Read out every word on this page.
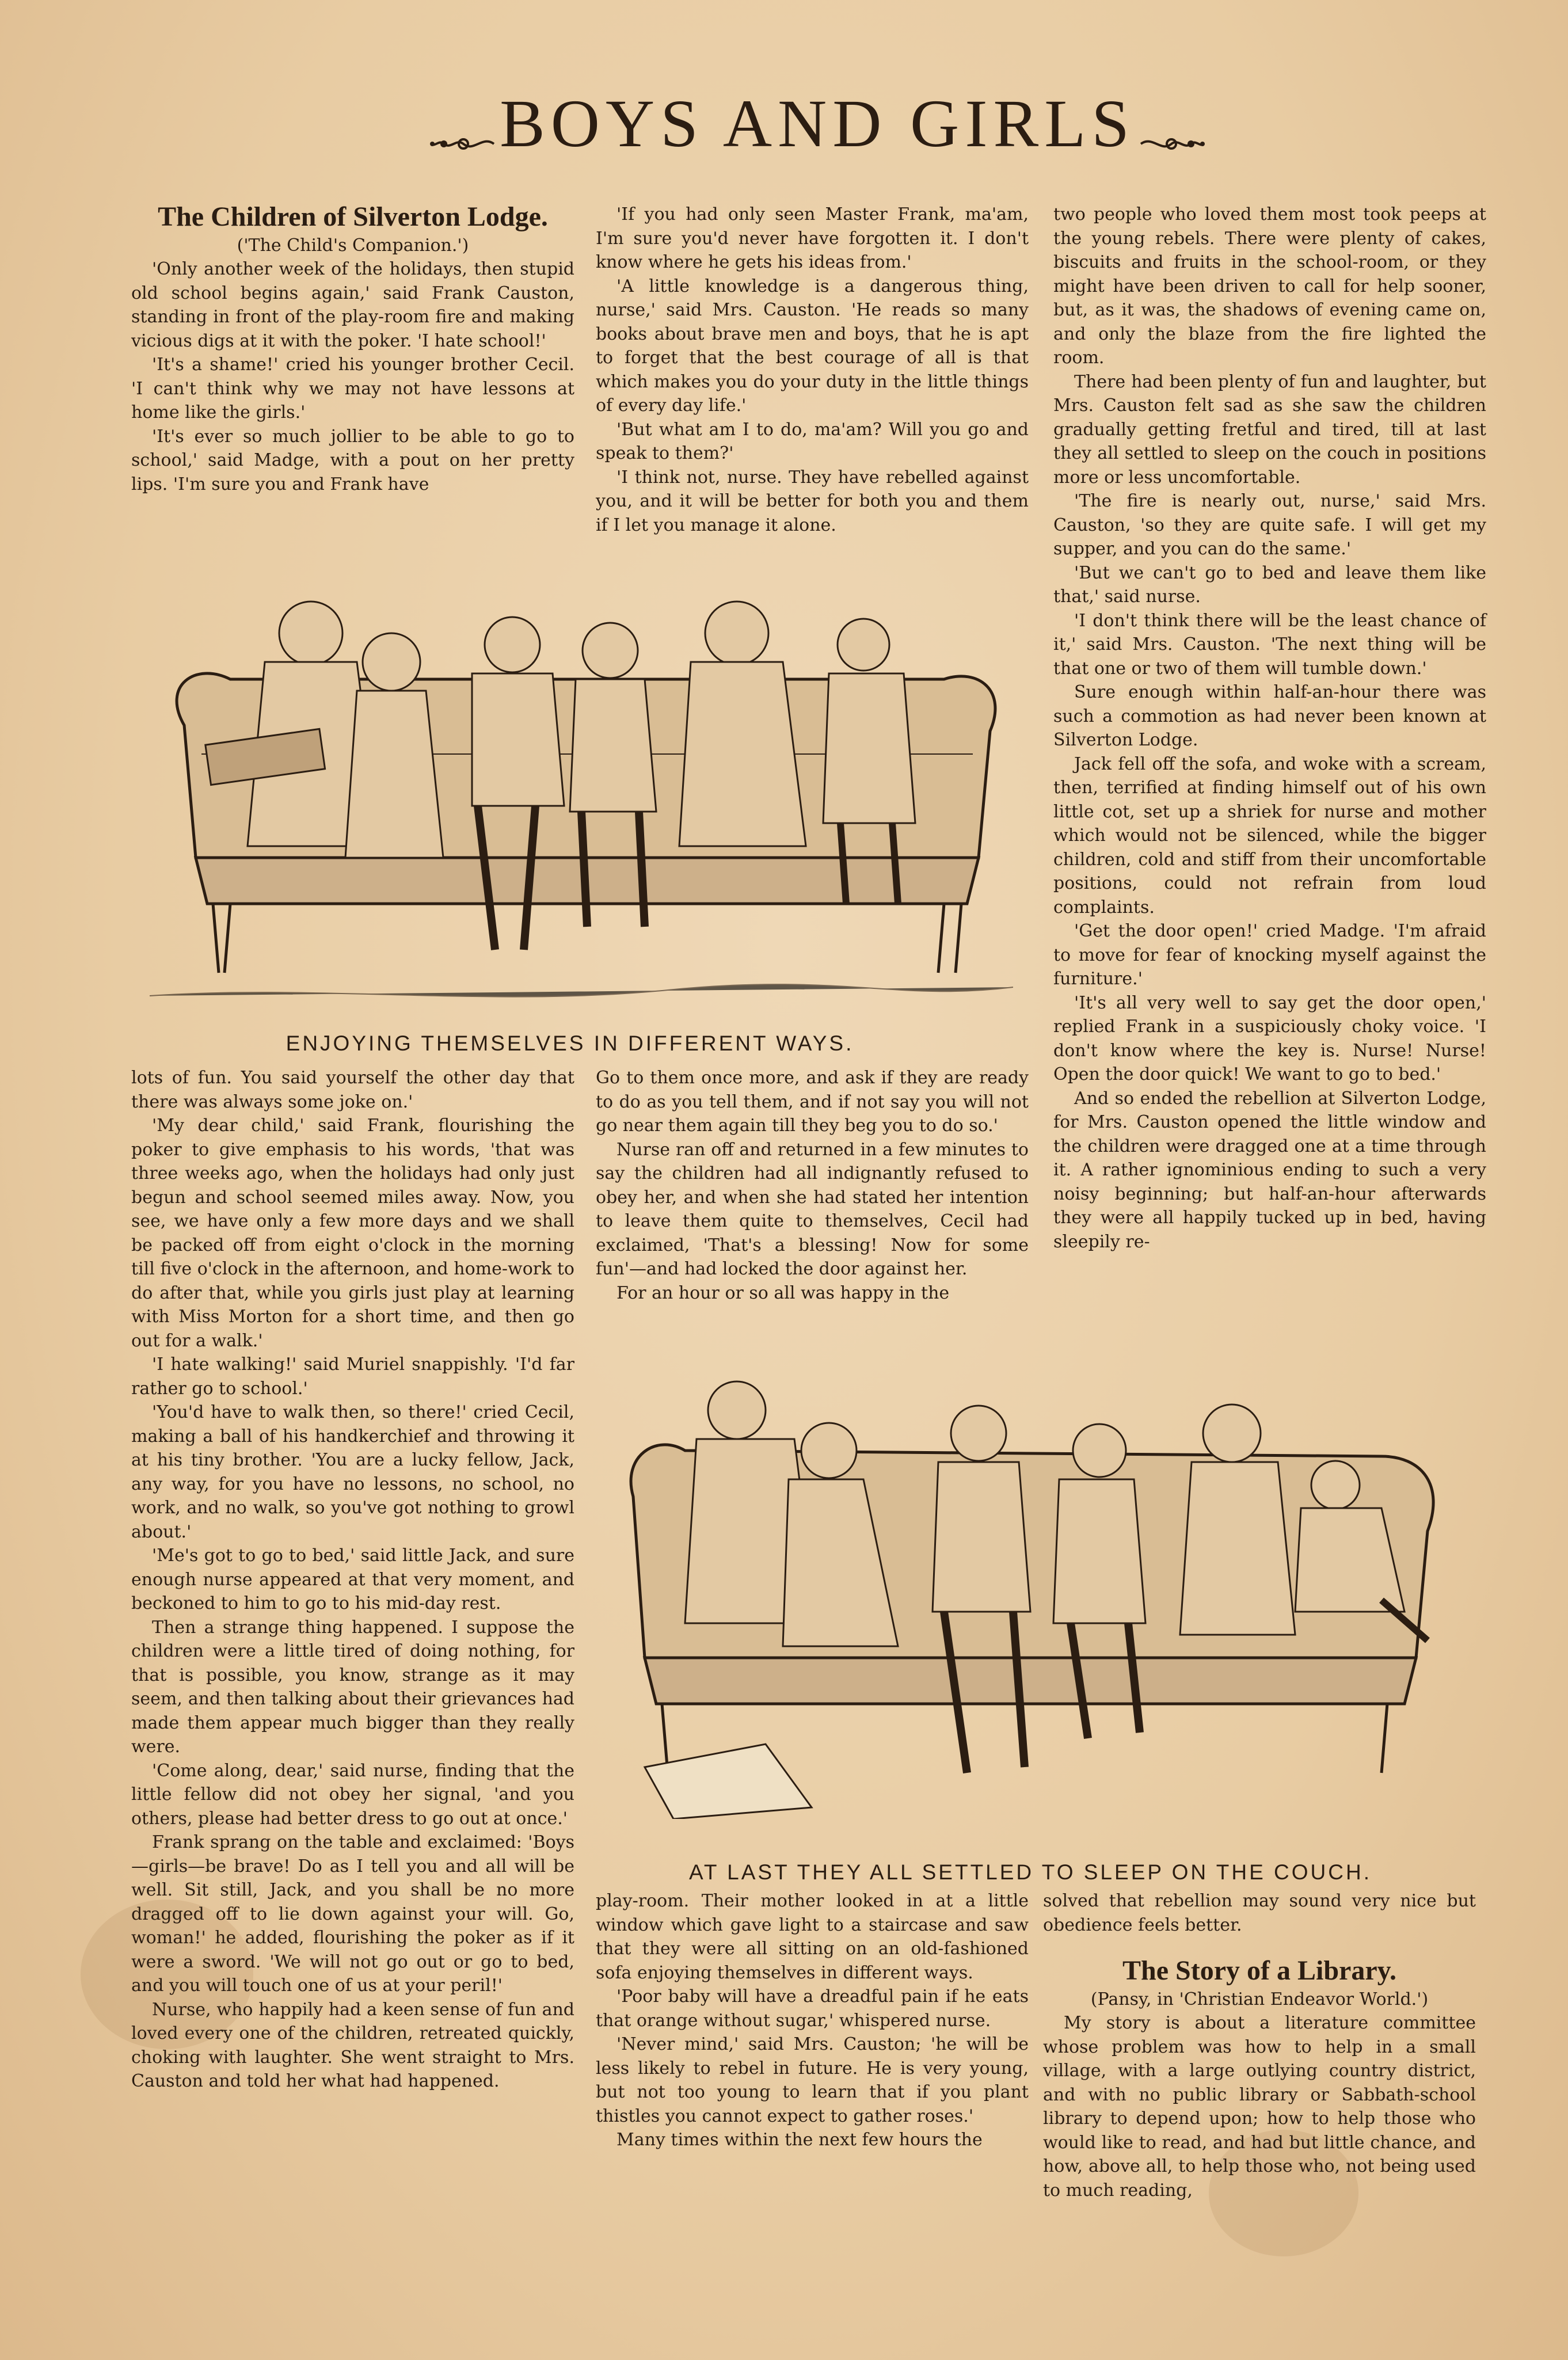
BOYS AND GIRLS
The Children of Silverton Lodge.
('The Child's Companion.')

'Only another week of the holidays, then stupid old school begins again,' said Frank Causton, standing in front of the play-room fire and making vicious digs at it with the poker. 'I hate school!'

'It's a shame!' cried his younger brother Cecil. 'I can't think why we may not have lessons at home like the girls.'

'It's ever so much jollier to be able to go to school,' said Madge, with a pout on her pretty lips. 'I'm sure you and Frank have

'If you had only seen Master Frank, ma'am, I'm sure you'd never have forgotten it. I don't know where he gets his ideas from.'

'A little knowledge is a dangerous thing, nurse,' said Mrs. Causton. 'He reads so many books about brave men and boys, that he is apt to forget that the best courage of all is that which makes you do your duty in the little things of every day life.'

'But what am I to do, ma'am? Will you go and speak to them?'

'I think not, nurse. They have rebelled against you, and it will be better for both you and them if I let you manage it alone.

two people who loved them most took peeps at the young rebels. There were plenty of cakes, biscuits and fruits in the school-room, or they might have been driven to call for help sooner, but, as it was, the shadows of evening came on, and only the blaze from the fire lighted the room.

There had been plenty of fun and laughter, but Mrs. Causton felt sad as she saw the children gradually getting fretful and tired, till at last they all settled to sleep on the couch in positions more or less uncomfortable.

'The fire is nearly out, nurse,' said Mrs. Causton, 'so they are quite safe. I will get my supper, and you can do the same.'

'But we can't go to bed and leave them like that,' said nurse.

'I don't think there will be the least chance of it,' said Mrs. Causton. 'The next thing will be that one or two of them will tumble down.'

Sure enough within half-an-hour there was such a commotion as had never been known at Silverton Lodge.

Jack fell off the sofa, and woke with a scream, then, terrified at finding himself out of his own little cot, set up a shriek for nurse and mother which would not be silenced, while the bigger children, cold and stiff from their uncomfortable positions, could not refrain from loud complaints.

'Get the door open!' cried Madge. 'I'm afraid to move for fear of knocking myself against the furniture.'

'It's all very well to say get the door open,' replied Frank in a suspiciously choky voice. 'I don't know where the key is. Nurse! Nurse! Open the door quick! We want to go to bed.'

And so ended the rebellion at Silverton Lodge, for Mrs. Causton opened the little window and the children were dragged one at a time through it. A rather ignominious ending to such a very noisy beginning; but half-an-hour afterwards they were all happily tucked up in bed, having sleepily re-

ENJOYING THEMSELVES IN DIFFERENT WAYS.

lots of fun. You said yourself the other day that there was always some joke on.'

'My dear child,' said Frank, flourishing the poker to give emphasis to his words, 'that was three weeks ago, when the holidays had only just begun and school seemed miles away. Now, you see, we have only a few more days and we shall be packed off from eight o'clock in the morning till five o'clock in the afternoon, and home-work to do after that, while you girls just play at learning with Miss Morton for a short time, and then go out for a walk.'

'I hate walking!' said Muriel snappishly. 'I'd far rather go to school.'

'You'd have to walk then, so there!' cried Cecil, making a ball of his handkerchief and throwing it at his tiny brother. 'You are a lucky fellow, Jack, any way, for you have no lessons, no school, no work, and no walk, so you've got nothing to growl about.'

'Me's got to go to bed,' said little Jack, and sure enough nurse appeared at that very moment, and beckoned to him to go to his mid-day rest.

Then a strange thing happened. I suppose the children were a little tired of doing nothing, for that is possible, you know, strange as it may seem, and then talking about their grievances had made them appear much bigger than they really were.

'Come along, dear,' said nurse, finding that the little fellow did not obey her signal, 'and you others, please had better dress to go out at once.'

Frank sprang on the table and exclaimed: 'Boys—girls—be brave! Do as I tell you and all will be well. Sit still, Jack, and you shall be no more dragged off to lie down against your will. Go, woman!' he added, flourishing the poker as if it were a sword. 'We will not go out or go to bed, and you will touch one of us at your peril!'

Nurse, who happily had a keen sense of fun and loved every one of the children, retreated quickly, choking with laughter. She went straight to Mrs. Causton and told her what had happened.

Go to them once more, and ask if they are ready to do as you tell them, and if not say you will not go near them again till they beg you to do so.'

Nurse ran off and returned in a few minutes to say the children had all indignantly refused to obey her, and when she had stated her intention to leave them quite to themselves, Cecil had exclaimed, 'That's a blessing! Now for some fun'—and had locked the door against her.

For an hour or so all was happy in the

AT LAST THEY ALL SETTLED TO SLEEP ON THE COUCH.

play-room. Their mother looked in at a little window which gave light to a staircase and saw that they were all sitting on an old-fashioned sofa enjoying themselves in different ways.

'Poor baby will have a dreadful pain if he eats that orange without sugar,' whispered nurse.

'Never mind,' said Mrs. Causton; 'he will be less likely to rebel in future. He is very young, but not too young to learn that if you plant thistles you cannot expect to gather roses.'

Many times within the next few hours the

solved that rebellion may sound very nice but obedience feels better.

The Story of a Library.
(Pansy, in 'Christian Endeavor World.')

My story is about a literature committee whose problem was how to help in a small village, with a large outlying country district, and with no public library or Sabbath-school library to depend upon; how to help those who would like to read, and had but little chance, and how, above all, to help those who, not being used to much reading,
